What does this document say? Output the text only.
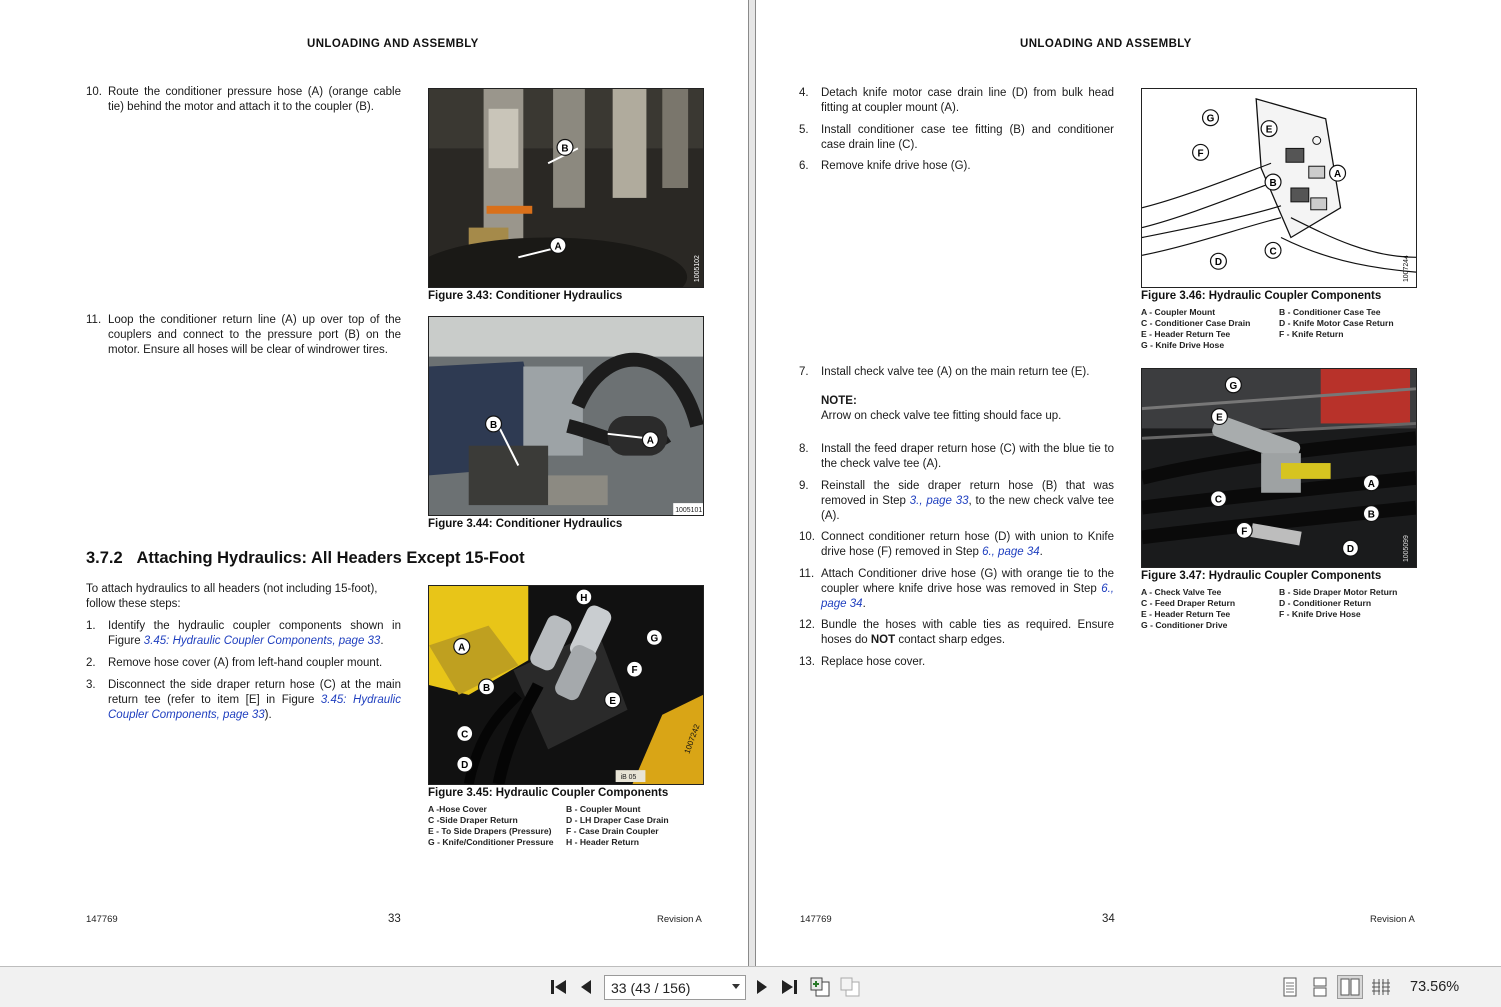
UNLOADING AND ASSEMBLY
10. Route the conditioner pressure hose (A) (orange cable tie) behind the motor and attach it to the coupler (B).
B
A
1005102
Figure 3.43: Conditioner Hydraulics
11. Loop the conditioner return line (A) up over top of the couplers and connect to the pressure port (B) on the motor. Ensure all hoses will be clear of windrower tires.
B
A
1005101
Figure 3.44: Conditioner Hydraulics
3.7.2 Attaching Hydraulics: All Headers Except 15-Foot
To attach hydraulics to all headers (not including 15-foot), follow these steps:
1. Identify the hydraulic coupler components shown in Figure 3.45: Hydraulic Coupler Components, page 33.
2. Remove hose cover (A) from left-hand coupler mount.
3. Disconnect the side draper return hose (C) at the main return tee (refer to item [E] in Figure 3.45: Hydraulic Coupler Components, page 33).
iB 05
H
G
A
F
B
E
C
D
1007242
Figure 3.45: Hydraulic Coupler Components
A -Hose Cover	B - Coupler Mount
C -Side Draper Return	D - LH Draper Case Drain
E - To Side Drapers (Pressure) F - Case Drain Coupler
G - Knife/Conditioner Pressure H - Header Return
147769	33	Revision A
UNLOADING AND ASSEMBLY
4. Detach knife motor case drain line (D) from bulk head fitting at coupler mount (A).
5. Install conditioner case tee fitting (B) and conditioner case drain line (C).
6. Remove knife drive hose (G).
G
E
F
B
A
C
D	1007244
Figure 3.46: Hydraulic Coupler Components
A - Coupler Mount	B - Conditioner Case Tee
C - Conditioner Case Drain	D - Knife Motor Case Return
E - Header Return Tee	F - Knife Return
G - Knife Drive Hose
7. Install check valve tee (A) on the main return tee (E).
NOTE:
Arrow on check valve tee fitting should face up.
8. Install the feed draper return hose (C) with the blue tie to the check valve tee (A).
9. Reinstall the side draper return hose (B) that was removed in Step 3., page 33, to the new check valve tee (A).
10. Connect conditioner return hose (D) with union to Knife drive hose (F) removed in Step 6., page 34.
11. Attach Conditioner drive hose (G) with orange tie to the coupler where knife drive hose was removed in Step 6., page 34.
12. Bundle the hoses with cable ties as required. Ensure hoses do NOT contact sharp edges.
13. Replace hose cover.
G
E
A
C
B
F
D	1005099
Figure 3.47: Hydraulic Coupler Components
A - Check Valve Tee	B - Side Draper Motor Return
C - Feed Draper Return	D - Conditioner Return
E - Header Return Tee	F - Knife Drive Hose
G - Conditioner Drive
147769	34	Revision A
33 (43 / 156)	73.56%
